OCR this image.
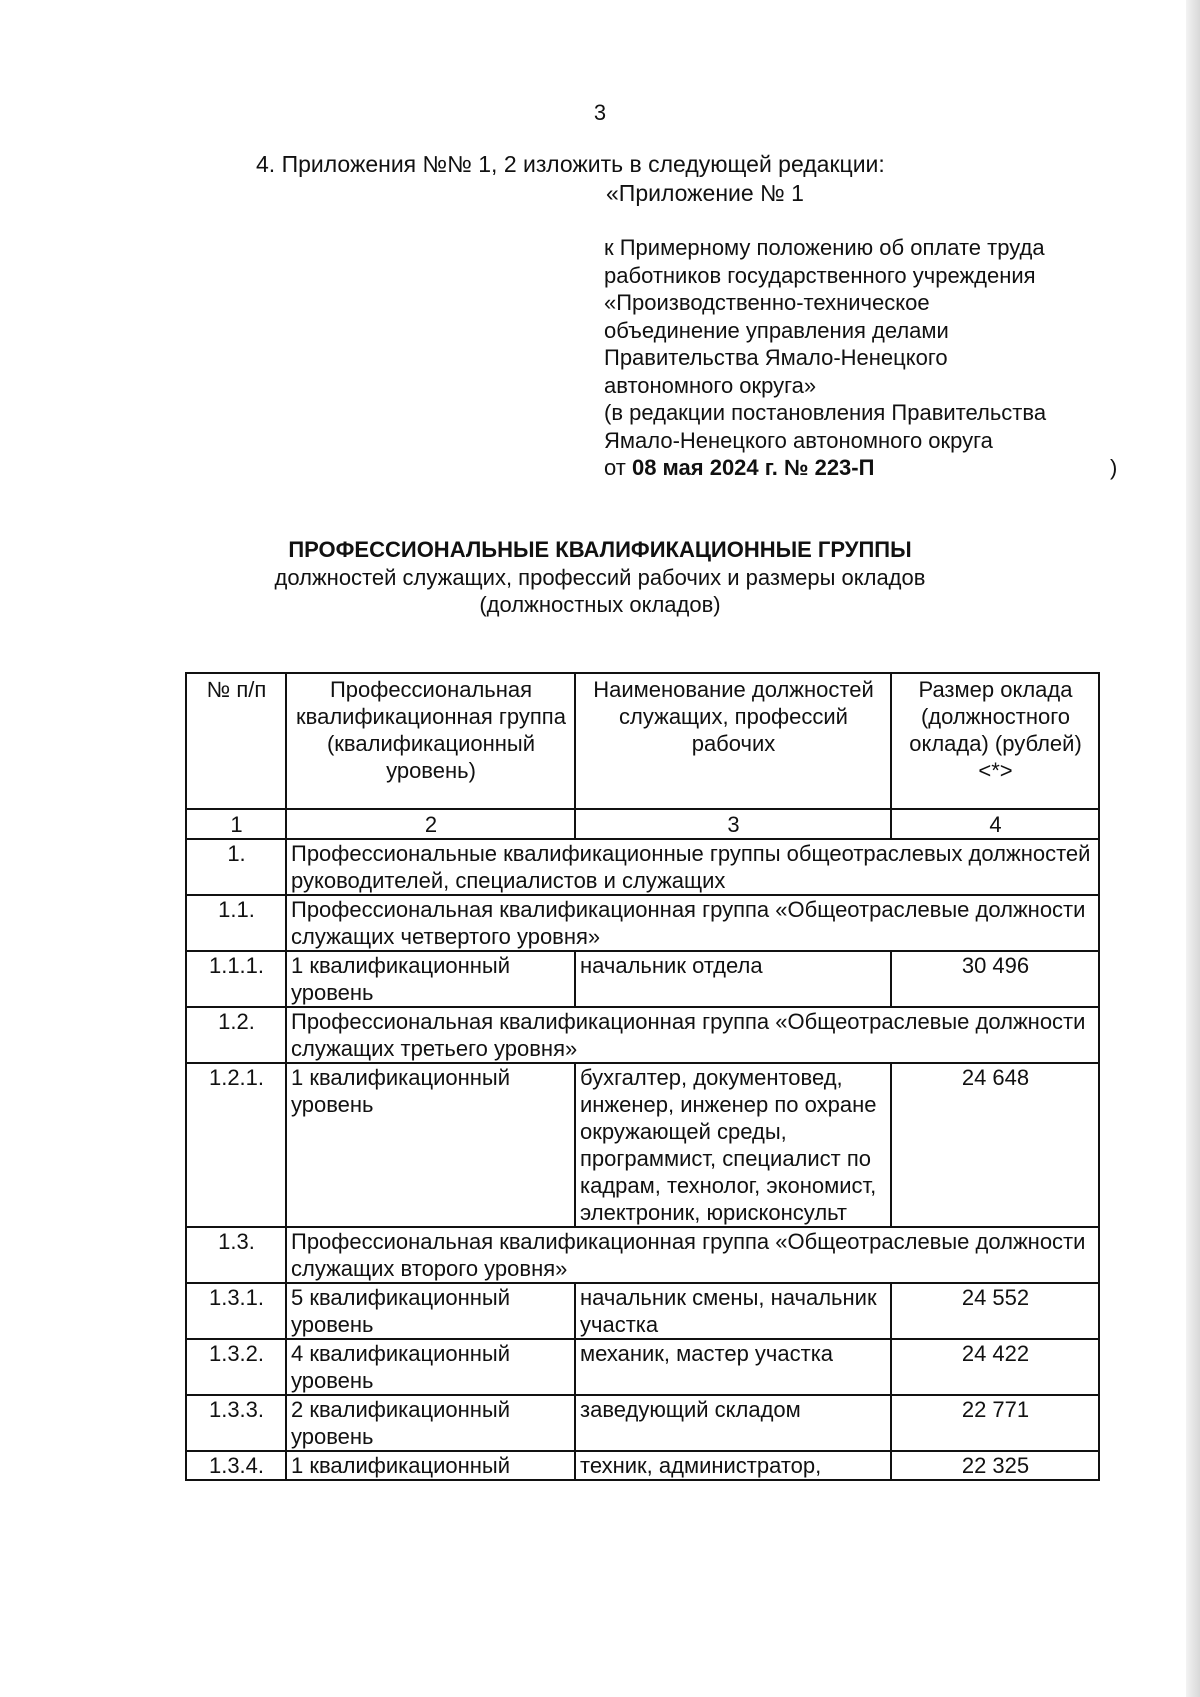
3
4. Приложения №№ 1, 2 изложить в следующей редакции:
«Приложение № 1
к Примерному положению об оплате труда
работников государственного учреждения
«Производственно-техническое
объединение управления делами
Правительства Ямало-Ненецкого
автономного округа»
(в редакции постановления Правительства
Ямало-Ненецкого автономного округа
от 08 мая 2024 г. № 223-П	)
ПРОФЕССИОНАЛЬНЫЕ КВАЛИФИКАЦИОННЫЕ ГРУППЫ
должностей служащих, профессий рабочих и размеры окладов
(должностных окладов)
№ п/п	Профессиональная квалификационная группа (квалификационный уровень)	Наименование должностей служащих, профессий рабочих	Размер оклада (должностного оклада) (рублей) <*>
1	2	3	4
1.	Профессиональные квалификационные группы общеотраслевых должностей руководителей, специалистов и служащих		
1.1.	Профессиональная квалификационная группа «Общеотраслевые должности служащих четвертого уровня»		
1.1.1.	1 квалификационный уровень	начальник отдела	30 496
1.2.	Профессиональная квалификационная группа «Общеотраслевые должности служащих третьего уровня»		
1.2.1.	1 квалификационный уровень	бухгалтер, документовед, инженер, инженер по охране окружающей среды, программист, специалист по кадрам, технолог, экономист, электроник, юрисконсульт	24 648
1.3.	Профессиональная квалификационная группа «Общеотраслевые должности служащих второго уровня»		
1.3.1.	5 квалификационный уровень	начальник смены, начальник участка	24 552
1.3.2.	4 квалификационный уровень	механик, мастер участка	24 422
1.3.3.	2 квалификационный уровень	заведующий складом	22 771
1.3.4.	1 квалификационный	техник, администратор,	22 325
